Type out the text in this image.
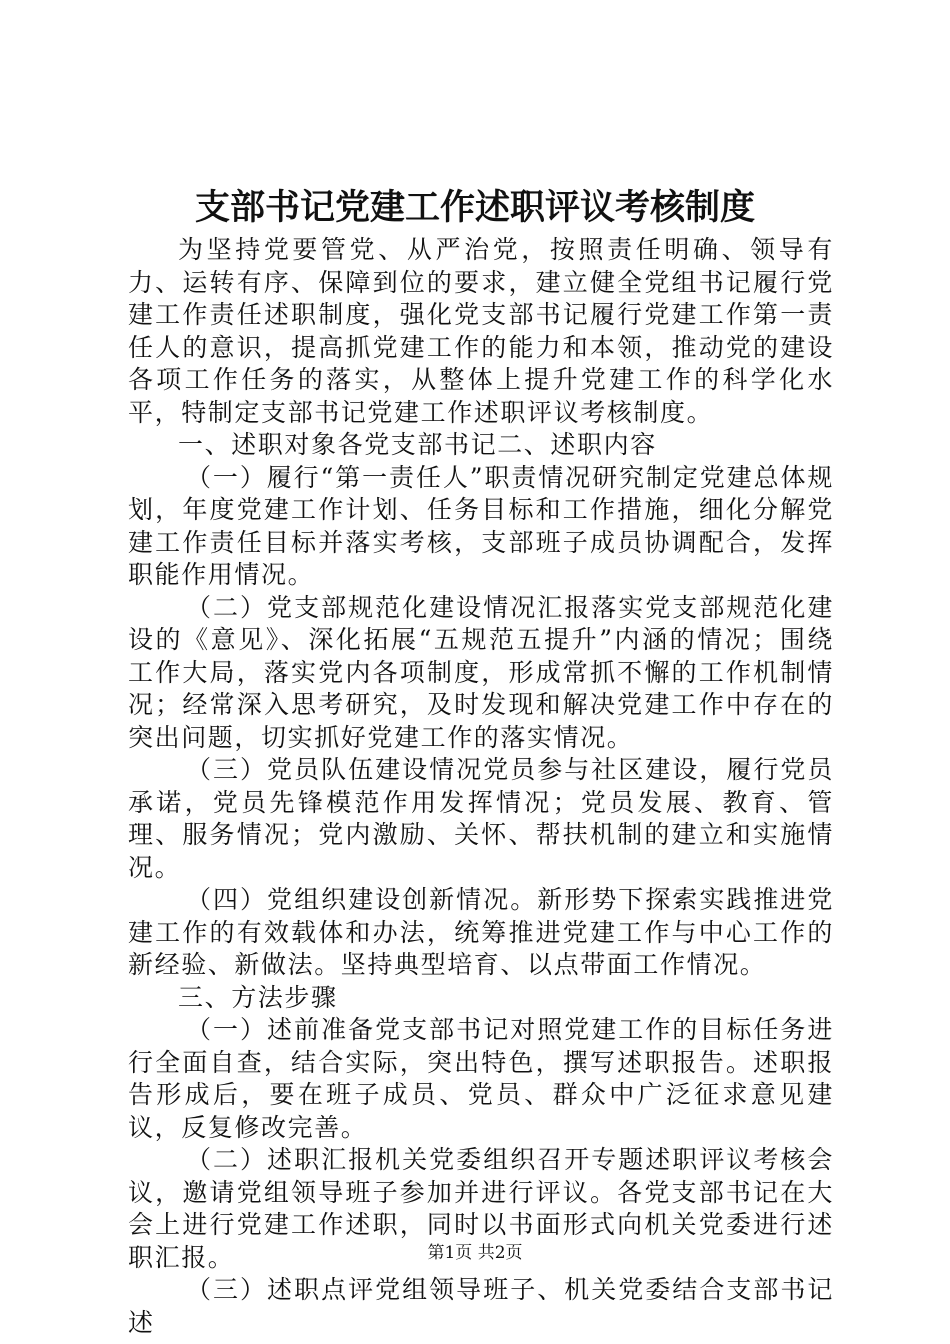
支部书记党建工作述职评议考核制度

为坚持党要管党、从严治党，按照责任明确、领导有力、运转有序、保障到位的要求，建立健全党组书记履行党建工作责任述职制度，强化党支部书记履行党建工作第一责任人的意识，提高抓党建工作的能力和本领，推动党的建设各项工作任务的落实，从整体上提升党建工作的科学化水平，特制定支部书记党建工作述职评议考核制度。

一、述职对象各党支部书记二、述职内容

（一）履行“第一责任人”职责情况研究制定党建总体规划，年度党建工作计划、任务目标和工作措施，细化分解党建工作责任目标并落实考核，支部班子成员协调配合，发挥职能作用情况。

（二）党支部规范化建设情况汇报落实党支部规范化建设的《意见》、深化拓展“五规范五提升”内涵的情况；围绕工作大局，落实党内各项制度，形成常抓不懈的工作机制情况；经常深入思考研究，及时发现和解决党建工作中存在的突出问题，切实抓好党建工作的落实情况。

（三）党员队伍建设情况党员参与社区建设，履行党员承诺，党员先锋模范作用发挥情况；党员发展、教育、管理、服务情况；党内激励、关怀、帮扶机制的建立和实施情况。

（四）党组织建设创新情况。新形势下探索实践推进党建工作的有效载体和办法，统筹推进党建工作与中心工作的新经验、新做法。坚持典型培育、以点带面工作情况。

三、方法步骤

（一）述前准备党支部书记对照党建工作的目标任务进行全面自查，结合实际，突出特色，撰写述职报告。述职报告形成后，要在班子成员、党员、群众中广泛征求意见建议，反复修改完善。

（二）述职汇报机关党委组织召开专题述职评议考核会议，邀请党组领导班子参加并进行评议。各党支部书记在大会上进行党建工作述职，同时以书面形式向机关党委进行述职汇报。

（三）述职点评党组领导班子、机关党委结合支部书记述

第1页 共2页
